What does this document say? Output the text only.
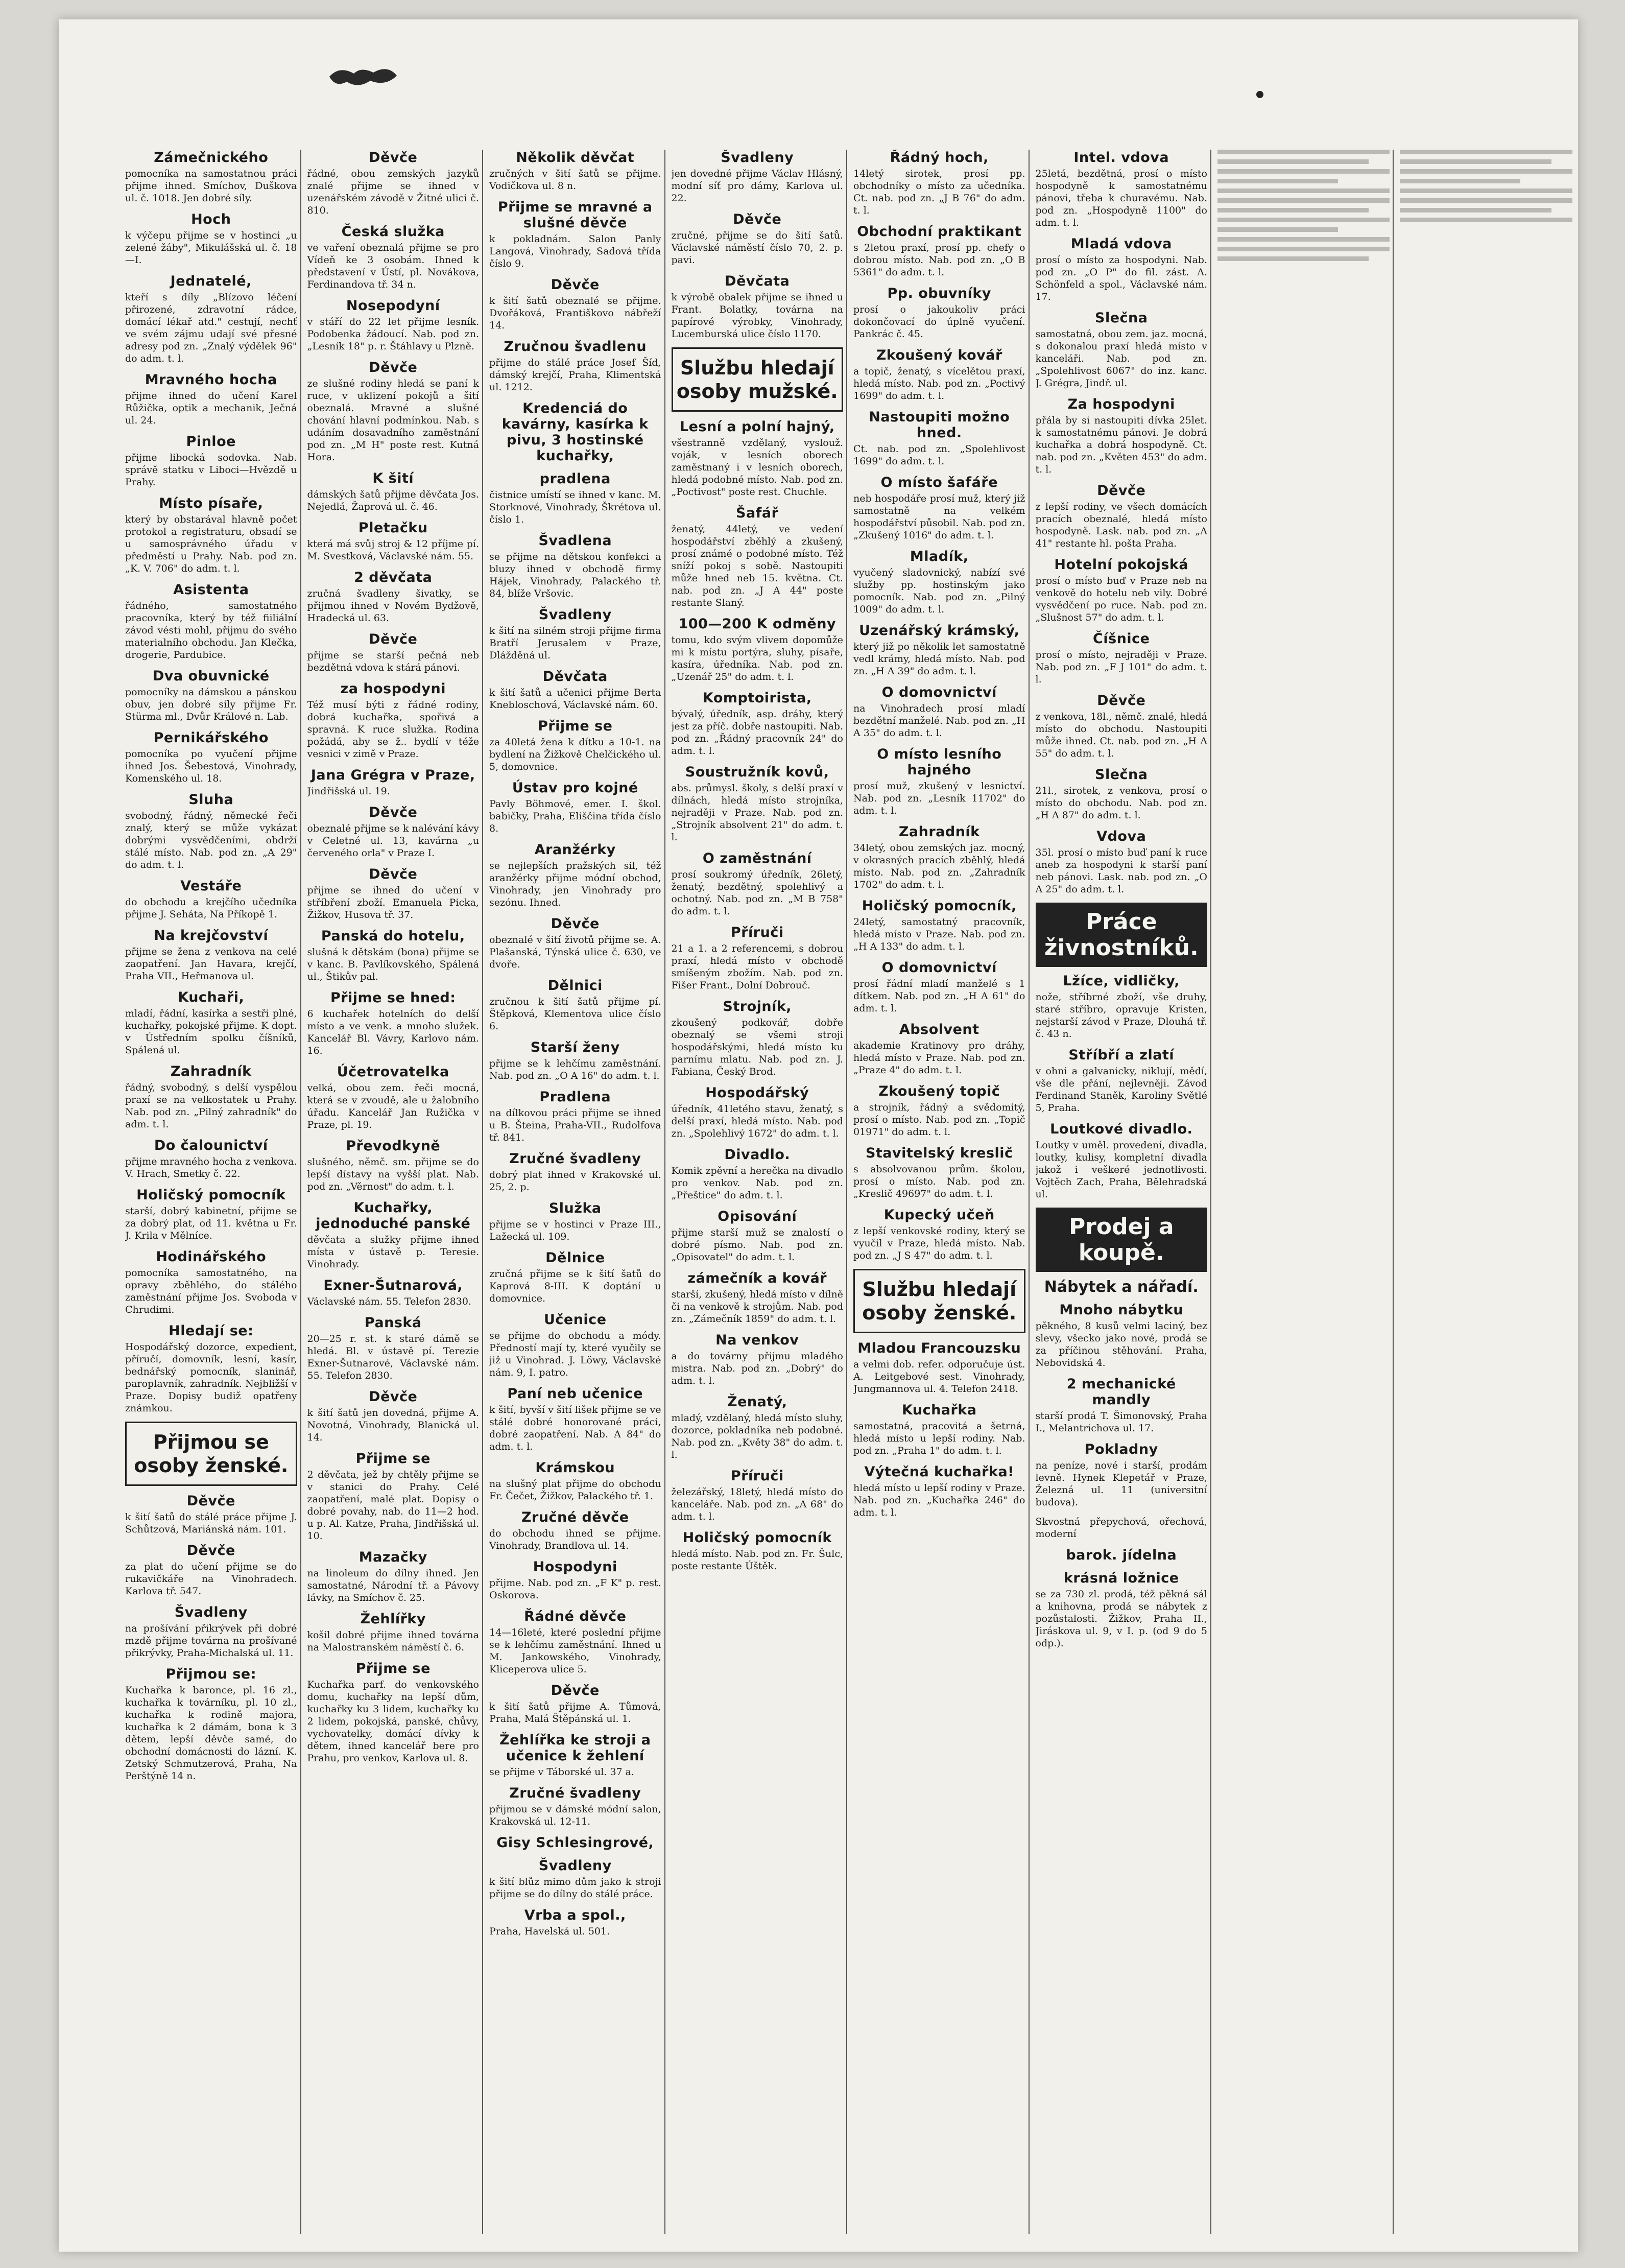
Zámečnického

pomocníka na samostatnou práci přijme ihned. Smíchov, Duškova ul. č. 1018. Jen dobré síly.

Hoch

k výčepu přijme se v hostinci „u zelené žáby", Mikulášská ul. č. 18—I.

Jednatelé,

kteří s díly „Blízovo léčení přirozené, zdravotní rádce, domácí lékař atd." cestují, nechť ve svém zájmu udají své přesné adresy pod zn. „Znalý výdělek 96" do adm. t. l.

Mravného hocha

přijme ihned do učení Karel Růžička, optik a mechanik, Ječná ul. 24.

Pinloe

přijme libocká sodovka. Nab. správě statku v Liboci—Hvězdě u Prahy.

Místo písaře,

který by obstarával hlavně počet protokol a registraturu, obsadí se u samosprávného úřadu v předměstí u Prahy. Nab. pod zn. „K. V. 706" do adm. t. l.

Asistenta

řádného, samostatného pracovníka, který by též fiiliální závod vésti mohl, přijmu do svého materialního obchodu. Jan Klečka, drogerie, Pardubice.

Dva obuvnické

pomocníky na dámskou a pánskou obuv, jen dobré síly přijme Fr. Stürma ml., Dvůr Králové n. Lab.

Pernikářského

pomocníka po vyučení přijme ihned Jos. Šebestová, Vinohrady, Komenského ul. 18.

Sluha

svobodný, řádný, německé řeči znalý, který se může vykázat dobrými vysvědčeními, obdrží stálé místo. Nab. pod zn. „A 29" do adm. t. l.

Vestáře

do obchodu a krejčího učedníka přijme J. Seháta, Na Příkopě 1.

Na krejčovství

přijme se žena z venkova na celé zaopatření. Jan Havara, krejčí, Praha VII., Heřmanova ul.

Kuchaři,

mladí, řádní, kasírka a sestři plné, kuchařky, pokojské přijme. K dopt. v Ústředním spolku číšníků, Spálená ul.

Zahradník

řádný, svobodný, s delší vyspělou praxí se na velkostatek u Prahy. Nab. pod zn. „Pilný zahradník" do adm. t. l.

Do čalounictví

přijme mravného hocha z venkova. V. Hrach, Smetky č. 22.

Holičský pomocník

starší, dobrý kabinetní, přijme se za dobrý plat, od 11. května u Fr. J. Krila v Mělníce.

Hodinářského

pomocníka samostatného, na opravy zběhlého, do stálého zaměstnání přijme Jos. Svoboda v Chrudimi.

Hledají se:

Hospodářský dozorce, expedient, příručí, domovník, lesní, kasír, bednářský pomocník, slaninář, paroplavník, zahradník. Nejbližší v Praze. Dopisy budiž opatřeny známkou.

Přijmou se osoby ženské.
Děvče

k šití šatů do stálé práce přijme J. Schůtzová, Mariánská nám. 101.

Děvče

za plat do učení přijme se do rukavičkáře na Vinohradech. Karlova tř. 547.

Švadleny

na prošívání přikrývek při dobré mzdě přijme továrna na prošívané přikrývky, Praha-Michalská ul. 11.

Přijmou se:

Kuchařka k baronce, pl. 16 zl., kuchařka k továrníku, pl. 10 zl., kuchařka k rodině majora, kuchařka k 2 dámám, bona k 3 dětem, lepší děvče samé, do obchodní domácnosti do lázní. K. Zetský Schmutzerová, Praha, Na Perštýně 14 n.

Děvče

řádné, obou zemských jazyků znalé přijme se ihned v uzenářském závodě v Žitné ulici č. 810.

Česká služka

ve vaření obeznalá přijme se pro Vídeň ke 3 osobám. Ihned k představení v Ústí, pl. Novákova, Ferdinandova tř. 34 n.

Nosepodyní

v stáří do 22 let přijme lesník. Podobenka žádoucí. Nab. pod zn. „Lesník 18" p. r. Štáhlavy u Plzně.

Děvče

ze slušné rodiny hledá se paní k ruce, v uklizení pokojů a šití obeznalá. Mravné a slušné chování hlavní podmínkou. Nab. s udáním dosavadního zaměstnání pod zn. „M H" poste rest. Kutná Hora.

K šití

dámských šatů přijme děvčata Jos. Nejedlá, Žaprová ul. č. 46.

Pletačku

která má svůj stroj & 12 příjme pí. M. Svestková, Václavské nám. 55.

2 děvčata

zručná švadleny šivatky, se přijmou ihned v Novém Bydžově, Hradecká ul. 63.

Děvče

přijme se starší pečná neb bezdětná vdova k stárá pánovi.

za hospodyni

Též musí býti z řádné rodiny, dobrá kuchařka, spořivá a spravná. K ruce služka. Rodina požádá, aby se ž.. bydlí v téže vesnici v zimě v Praze.

Jana Grégra v Praze,

Jindřišská ul. 19.

Děvče

obeznalé přijme se k nalévání kávy v Celetné ul. 13, kavárna „u červeného orla" v Praze I.

Děvče

přijme se ihned do učení v stříbření zboží. Emanuela Picka, Žižkov, Husova tř. 37.

Panská do hotelu,

slušná k dětskám (bona) přijme se v kanc. B. Pavlíkovského, Spálená ul., Štikův pal.

Přijme se hned:

6 kuchařek hotelních do delší místo a ve venk. a mnoho služek. Kancelář Bl. Vávry, Karlovo nám. 16.

Účetrovatelka

velká, obou zem. řeči mocná, která se v zvoudě, ale u žalobního úřadu. Kancelář Jan Ružička v Praze, pl. 19.

Převodkyně

slušného, němč. sm. přijme se do lepší dístavy na vyšší plat. Nab. pod zn. „Věrnost" do adm. t. l.

Kuchařky, jednoduché panské

děvčata a služky přijme ihned místa v ústavě p. Teresie. Vinohrady.

Exner-Šutnarová,

Václavské nám. 55. Telefon 2830.

Panská

20—25 r. st. k staré dámě se hledá. Bl. v ústavě pí. Terezie Exner-Šutnarové, Václavské nám. 55. Telefon 2830.

Děvče

k šití šatů jen dovedná, přijme A. Novotná, Vinohrady, Blanická ul. 14.

Přijme se

2 děvčata, jež by chtěly přijme se v stanici do Prahy. Celé zaopatření, malé plat. Dopisy o dobré povahy, nab. do 11—2 hod. u p. Al. Katze, Praha, Jindřišská ul. 10.

Mazačky

na linoleum do dílny ihned. Jen samostatné, Národní tř. a Pávovy lávky, na Smíchov č. 25.

Žehlířky

košil dobré přijme ihned továrna na Malostranském náměstí č. 6.

Přijme se

Kuchařka parf. do venkovského domu, kuchařky na lepší dům, kuchařky ku 3 lidem, kuchařky ku 2 lidem, pokojská, panské, chůvy, vychovatelky, domácí dívky k dětem, ihned kancelář bere pro Prahu, pro venkov, Karlova ul. 8.

Několik děvčat

zručných v šití šatů se přijme. Vodičkova ul. 8 n.

Přijme se mravné a slušné děvče

k pokladnám. Salon Panly Langová, Vinohrady, Sadová třída číslo 9.

Děvče

k šití šatů obeznalé se přijme. Dvořáková, Františkovo nábřeží 14.

Zručnou švadlenu

přijme do stálé práce Josef Šíd, dámský krejčí, Praha, Klimentská ul. 1212.

Kredenciá do kavárny, kasírka k pivu, 3 hostinské kuchařky,

pradlena

čistnice umístí se ihned v kanc. M. Storknové, Vinohrady, Škrétova ul. číslo 1.

Švadlena

se přijme na dětskou konfekci a bluzy ihned v obchodě firmy Hájek, Vinohrady, Palackého tř. 84, blíže Vršovic.

Švadleny

k šití na silném stroji přijme firma Bratří Jerusalem v Praze, Dlážděná ul.

Děvčata

k šití šatů a učenici přijme Berta Knebloschová, Václavské nám. 60.

Přijme se

za 40letá žena k dítku a 10-1. na bydlení na Žižkově Chelčického ul. 5, domovnice.

Ústav pro kojné

Pavly Böhmové, emer. I. škol. babičky, Praha, Eliščina třída číslo 8.

Aranžérky

se nejlepších pražských sil, též aranžérky přijme módní obchod, Vinohrady, jen Vinohrady pro sezónu. Ihned.

Děvče

obeznalé v šití životů přijme se. A. Plašanská, Týnská ulice č. 630, ve dvoře.

Dělnici

zručnou k šití šatů přijme pí. Štěpková, Klementova ulice číslo 6.

Starší ženy

přijme se k lehčímu zaměstnání. Nab. pod zn. „O A 16" do adm. t. l.

Pradlena

na dílkovou práci přijme se ihned u B. Šteina, Praha-VII., Rudolfova tř. 841.

Zručné švadleny

dobrý plat ihned v Krakovské ul. 25, 2. p.

Služka

přijme se v hostinci v Praze III., Lažecká ul. 109.

Dělnice

zručná přijme se k šití šatů do Kaprová 8-III. K doptání u domovnice.

Učenice

se přijme do obchodu a módy. Předností mají ty, které vyučily se již u Vinohrad. J. Löwy, Václavské nám. 9, I. patro.

Paní neb učenice

k šití, byvší v šití lišek přijme se ve stálé dobré honorované práci, dobré zaopatření. Nab. A 84" do adm. t. l.

Krámskou

na slušný plat přijme do obchodu Fr. Čečet, Žižkov, Palackého tř. 1.

Zručné děvče

do obchodu ihned se přijme. Vinohrady, Brandlova ul. 14.

Hospodyni

přijme. Nab. pod zn. „F K" p. rest. Oskorova.

Řádné děvče

14—16leté, které poslední přijme se k lehčímu zaměstnání. Ihned u M. Jankowského, Vinohrady, Kliceperova ulice 5.

Děvče

k šití šatů přijme A. Tůmová, Praha, Malá Štěpánská ul. 1.

Žehlířka ke stroji a učenice k žehlení

se přijme v Táborské ul. 37 a.

Zručné švadleny

přijmou se v dámské módní salon, Krakovská ul. 12-11.

Gisy Schlesingrové,

Švadleny

k šití blůz mimo dům jako k stroji přijme se do dílny do stálé práce.

Vrba a spol.,

Praha, Havelská ul. 501.

Švadleny

jen dovedné přijme Václav Hlásný, modní síť pro dámy, Karlova ul. 22.

Děvče

zručné, přijme se do šití šatů. Václavské náměstí číslo 70, 2. p. pavi.

Děvčata

k výrobě obalek přijme se ihned u Frant. Bolatky, továrna na papírové výrobky, Vinohrady, Lucemburská ulice číslo 1170.

Službu hledají osoby mužské.
Lesní a polní hajný,

všestranně vzdělaný, vyslouž. voják, v lesních oborech zaměstnaný i v lesních oborech, hledá podobné místo. Nab. pod zn. „Poctivost" poste rest. Chuchle.

Šafář

ženatý, 44letý, ve vedení hospodářství zběhlý a zkušený, prosí známé o podobné místo. Též sníží pokoj s sobě. Nastoupiti může hned neb 15. května. Ct. nab. pod zn. „J A 44" poste restante Slaný.

100—200 K odměny

tomu, kdo svým vlivem dopomůže mi k místu portýra, sluhy, písaře, kasíra, úředníka. Nab. pod zn. „Uzenář 25" do adm. t. l.

Komptoirista,

bývalý, úředník, asp. dráhy, který jest za příč. dobře nastoupiti. Nab. pod zn. „Řádný pracovník 24" do adm. t. l.

Soustružník kovů,

abs. průmysl. školy, s delší praxí v dílnách, hledá místo strojníka, nejraději v Praze. Nab. pod zn. „Strojník absolvent 21" do adm. t. l.

O zaměstnání

prosí soukromý úředník, 26letý, ženatý, bezdětný, spolehlivý a ochotný. Nab. pod zn. „M B 758" do adm. t. l.

Příruči

21 a 1. a 2 referencemi, s dobrou praxí, hledá místo v obchodě smíšeným zbožím. Nab. pod zn. Fišer Frant., Dolní Dobrouč.

Strojník,

zkoušený podkovář, dobře obeznalý se všemi stroji hospodářskými, hledá místo ku parnímu mlatu. Nab. pod zn. J. Fabiana, Český Brod.

Hospodářský

úředník, 41letého stavu, ženatý, s delší praxí, hledá místo. Nab. pod zn. „Spolehlivý 1672" do adm. t. l.

Divadlo.

Komik zpěvní a herečka na divadlo pro venkov. Nab. pod zn. „Přeštice" do adm. t. l.

Opisování

přijme starší muž se znalostí o dobré písmo. Nab. pod zn. „Opisovatel" do adm. t. l.

zámečník a kovář

starší, zkušený, hledá místo v dílně či na venkově k strojům. Nab. pod zn. „Zámečník 1859" do adm. t. l.

Na venkov

a do továrny přijmu mladého mistra. Nab. pod zn. „Dobrý" do adm. t. l.

Ženatý,

mladý, vzdělaný, hledá místo sluhy, dozorce, pokladníka neb podobné. Nab. pod zn. „Květy 38" do adm. t. l.

Příruči

železářský, 18letý, hledá místo do kanceláře. Nab. pod zn. „A 68" do adm. t. l.

Holičský pomocník

hledá místo. Nab. pod zn. Fr. Šulc, poste restante Úštěk.

Řádný hoch,

14letý sirotek, prosí pp. obchodníky o místo za učedníka. Ct. nab. pod zn. „J B 76" do adm. t. l.

Obchodní praktikant

s 2letou praxí, prosí pp. chefy o dobrou místo. Nab. pod zn. „O B 5361" do adm. t. l.

Pp. obuvníky

prosí o jakoukoliv práci dokončovací do úplně vyučení. Pankrác č. 45.

Zkoušený kovář

a topič, ženatý, s vícelětou praxí, hledá místo. Nab. pod zn. „Poctivý 1699" do adm. t. l.

Nastoupiti možno hned.

Ct. nab. pod zn. „Spolehlivost 1699" do adm. t. l.

O místo šafáře

neb hospodáře prosí muž, který již samostatně na velkém hospodářství působil. Nab. pod zn. „Zkušený 1016" do adm. t. l.

Mladík,

vyučený sladovnický, nabízí své služby pp. hostinským jako pomocník. Nab. pod zn. „Pilný 1009" do adm. t. l.

Uzenářský krámský,

který již po několik let samostatně vedl krámy, hledá místo. Nab. pod zn. „H A 39" do adm. t. l.

O domovnictví

na Vinohradech prosí mladí bezdětní manželé. Nab. pod zn. „H A 35" do adm. t. l.

O místo lesního hajného

prosí muž, zkušený v lesnictví. Nab. pod zn. „Lesník 11702" do adm. t. l.

Zahradník

34letý, obou zemských jaz. mocný, v okrasných pracích zběhlý, hledá místo. Nab. pod zn. „Zahradník 1702" do adm. t. l.

Holičský pomocník,

24letý, samostatný pracovník, hledá místo v Praze. Nab. pod zn. „H A 133" do adm. t. l.

O domovnictví

prosí řádní mladí manželé s 1 dítkem. Nab. pod zn. „H A 61" do adm. t. l.

Absolvent

akademie Kratinovy pro dráhy, hledá místo v Praze. Nab. pod zn. „Praze 4" do adm. t. l.

Zkoušený topič

a strojník, řádný a svědomitý, prosí o místo. Nab. pod zn. „Topič 01971" do adm. t. l.

Stavitelský kreslič

s absolvovanou prům. školou, prosí o místo. Nab. pod zn. „Kreslič 49697" do adm. t. l.

Kupecký učeň

z lepší venkovské rodiny, který se vyučil v Praze, hledá místo. Nab. pod zn. „J S 47" do adm. t. l.

Službu hledají osoby ženské.
Mladou Francouzsku

a velmi dob. refer. odporučuje úst. A. Leitgebové sest. Vinohrady, Jungmannova ul. 4. Telefon 2418.

Kuchařka

samostatná, pracovitá a šetrná, hledá místo u lepší rodiny. Nab. pod zn. „Praha 1" do adm. t. l.

Výtečná kuchařka!

hledá místo u lepší rodiny v Praze. Nab. pod zn. „Kuchařka 246" do adm. t. l.

Intel. vdova

25letá, bezdětná, prosí o místo hospodyně k samostatnému pánovi, třeba k churavému. Nab. pod zn. „Hospodyně 1100" do adm. t. l.

Mladá vdova

prosí o místo za hospodyni. Nab. pod zn. „O P" do fil. zást. A. Schönfeld a spol., Václavské nám. 17.

Slečna

samostatná, obou zem. jaz. mocná, s dokonalou praxí hledá místo v kanceláři. Nab. pod zn. „Spolehlivost 6067" do inz. kanc. J. Grégra, Jindř. ul.

Za hospodyni

přála by si nastoupiti dívka 25let. k samostatnému pánovi. Je dobrá kuchařka a dobrá hospodyně. Ct. nab. pod zn. „Květen 453" do adm. t. l.

Děvče

z lepší rodiny, ve všech domácích pracích obeznalé, hledá místo hospodyně. Lask. nab. pod zn. „A 41" restante hl. pošta Praha.

Hotelní pokojská

prosí o místo buď v Praze neb na venkově do hotelu neb vily. Dobré vysvědčení po ruce. Nab. pod zn. „Slušnost 57" do adm. t. l.

Číšnice

prosí o místo, nejraději v Praze. Nab. pod zn. „F J 101" do adm. t. l.

Děvče

z venkova, 18l., němč. znalé, hledá místo do obchodu. Nastoupiti může ihned. Ct. nab. pod zn. „H A 55" do adm. t. l.

Slečna

21l., sirotek, z venkova, prosí o místo do obchodu. Nab. pod zn. „H A 87" do adm. t. l.

Vdova

35l. prosí o místo buď paní k ruce aneb za hospodyni k starší paní neb pánovi. Lask. nab. pod zn. „O A 25" do adm. t. l.

Práce živnostníků.
Lžíce, vidličky,

nože, stříbrné zboží, vše druhy, staré stříbro, opravuje Kristen, nejstarší závod v Praze, Dlouhá tř. č. 43 n.

Stříbří a zlatí

v ohni a galvanicky, niklují, mědí, vše dle přání, nejlevněji. Závod Ferdinand Staněk, Karoliny Světlé 5, Praha.

Loutkové divadlo.

Loutky v uměl. provedení, divadla, loutky, kulisy, kompletní divadla jakož i veškeré jednotlivosti. Vojtěch Zach, Praha, Bělehradská ul.

Prodej a koupě.
Nábytek a nářadí.
Mnoho nábytku

pěkného, 8 kusů velmi laciný, bez slevy, všecko jako nové, prodá se za příčinou stěhování. Praha, Nebovidská 4.

2 mechanické mandly

starší prodá T. Šimonovský, Praha I., Melantrichova ul. 17.

Pokladny

na peníze, nové i starší, prodám levně. Hynek Klepetář v Praze, Železná ul. 11 (universitní budova).

Skvostná přepychová, ořechová, moderní

barok. jídelna
krásná ložnice

se za 730 zl. prodá, též pěkná sál a knihovna, prodá se nábytek z pozůstalosti. Žižkov, Praha II., Jiráskova ul. 9, v I. p. (od 9 do 5 odp.).
